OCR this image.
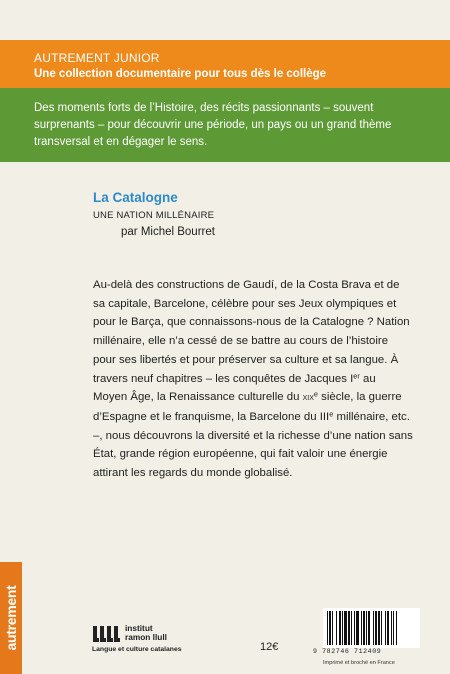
AUTREMENT JUNIOR
Une collection documentaire pour tous dès le collège
Des moments forts de l’Histoire, des récits passionnants – souvent surprenants – pour découvrir une période, un pays ou un grand thème transversal et en dégager le sens.
La Catalogne
UNE NATION MILLÉNAIRE
par Michel Bourret
Au-delà des constructions de Gaudí, de la Costa Brava et de sa capitale, Barcelone, célèbre pour ses Jeux olympiques et pour le Barça, que connaissons-nous de la Catalogne ? Nation millénaire, elle n’a cessé de se battre au cours de l’histoire pour ses libertés et pour préserver sa culture et sa langue. À travers neuf chapitres – les conquêtes de Jacques Ier au Moyen Âge, la Renaissance culturelle du xix$^e$ siècle, la guerre d’Espagne et le franquisme, la Barcelone du IIIe millénaire, etc. –, nous découvrons la diversité et la richesse d’une nation sans État, grande région européenne, qui fait valoir une énergie attirant les regards du monde globalisé.
autrement	institut
ramon llull
Langue et culture catalanes	12€	9 782746 712409
Imprimé et broché en France
